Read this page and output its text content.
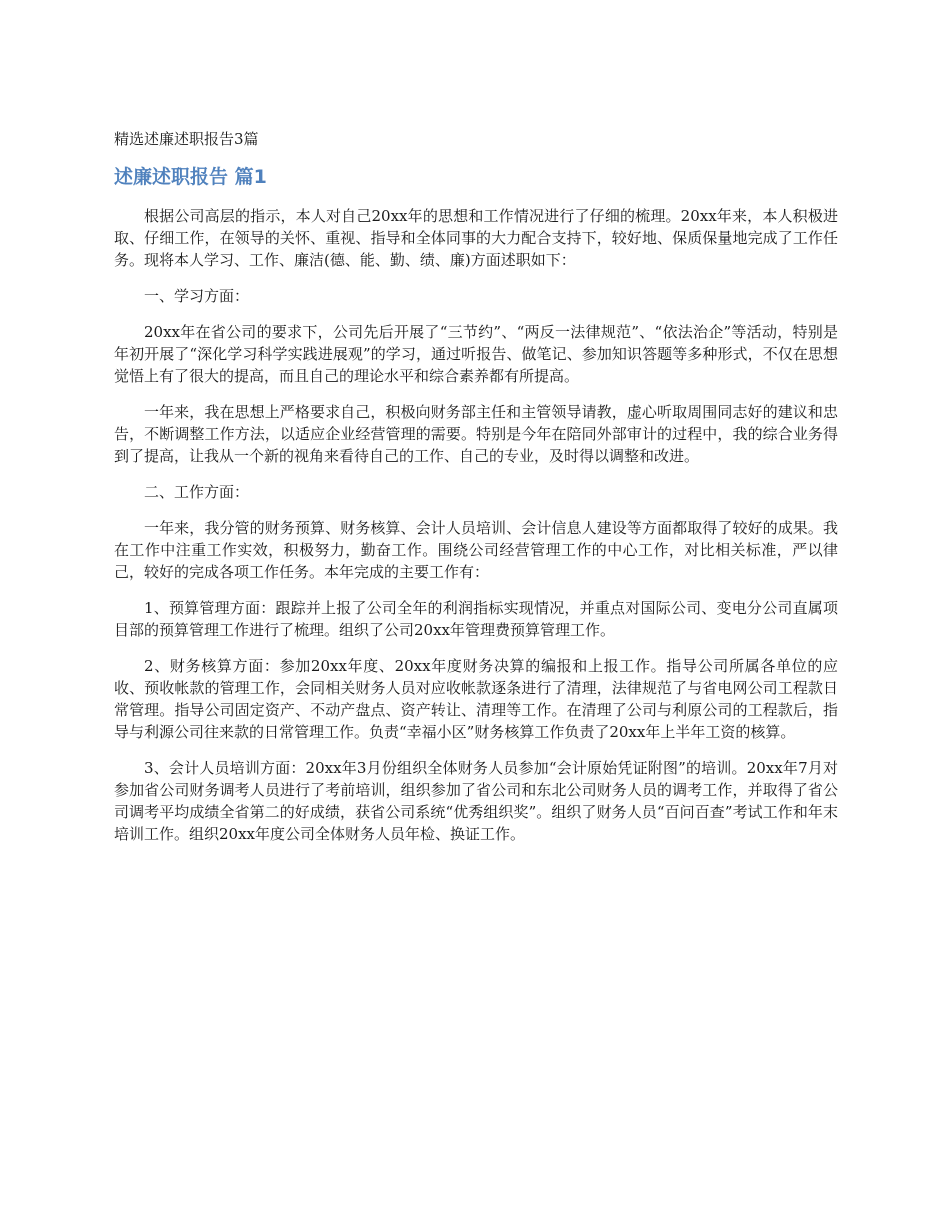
精选述廉述职报告3篇
述廉述职报告 篇1

根据公司高层的指示，本人对自己20xx年的思想和工作情况进行了仔细的梳理。20xx年来，本人积极进取、仔细工作，在领导的关怀、重视、指导和全体同事的大力配合支持下，较好地、保质保量地完成了工作任务。现将本人学习、工作、廉洁(德、能、勤、绩、廉)方面述职如下：

一、学习方面：

20xx年在省公司的要求下，公司先后开展了“三节约”、“两反一法律规范”、“依法治企”等活动，特别是年初开展了“深化学习科学实践进展观”的学习，通过听报告、做笔记、参加知识答题等多种形式，不仅在思想觉悟上有了很大的提高，而且自己的理论水平和综合素养都有所提高。

一年来，我在思想上严格要求自己，积极向财务部主任和主管领导请教，虚心听取周围同志好的建议和忠告，不断调整工作方法，以适应企业经营管理的需要。特别是今年在陪同外部审计的过程中，我的综合业务得到了提高，让我从一个新的视角来看待自己的工作、自己的专业，及时得以调整和改进。

二、工作方面：

一年来，我分管的财务预算、财务核算、会计人员培训、会计信息人建设等方面都取得了较好的成果。我在工作中注重工作实效，积极努力，勤奋工作。围绕公司经营管理工作的中心工作，对比相关标准，严以律己，较好的完成各项工作任务。本年完成的主要工作有：

1、预算管理方面：跟踪并上报了公司全年的利润指标实现情况，并重点对国际公司、变电分公司直属项目部的预算管理工作进行了梳理。组织了公司20xx年管理费预算管理工作。

2、财务核算方面：参加20xx年度、20xx年度财务决算的编报和上报工作。指导公司所属各单位的应收、预收帐款的管理工作，会同相关财务人员对应收帐款逐条进行了清理，法律规范了与省电网公司工程款日常管理。指导公司固定资产、不动产盘点、资产转让、清理等工作。在清理了公司与利原公司的工程款后，指导与利源公司往来款的日常管理工作。负责“幸福小区”财务核算工作负责了20xx年上半年工资的核算。

3、会计人员培训方面：20xx年3月份组织全体财务人员参加“会计原始凭证附图”的培训。20xx年7月对参加省公司财务调考人员进行了考前培训，组织参加了省公司和东北公司财务人员的调考工作，并取得了省公司调考平均成绩全省第二的好成绩，获省公司系统“优秀组织奖”。组织了财务人员“百问百查”考试工作和年末培训工作。组织20xx年度公司全体财务人员年检、换证工作。
